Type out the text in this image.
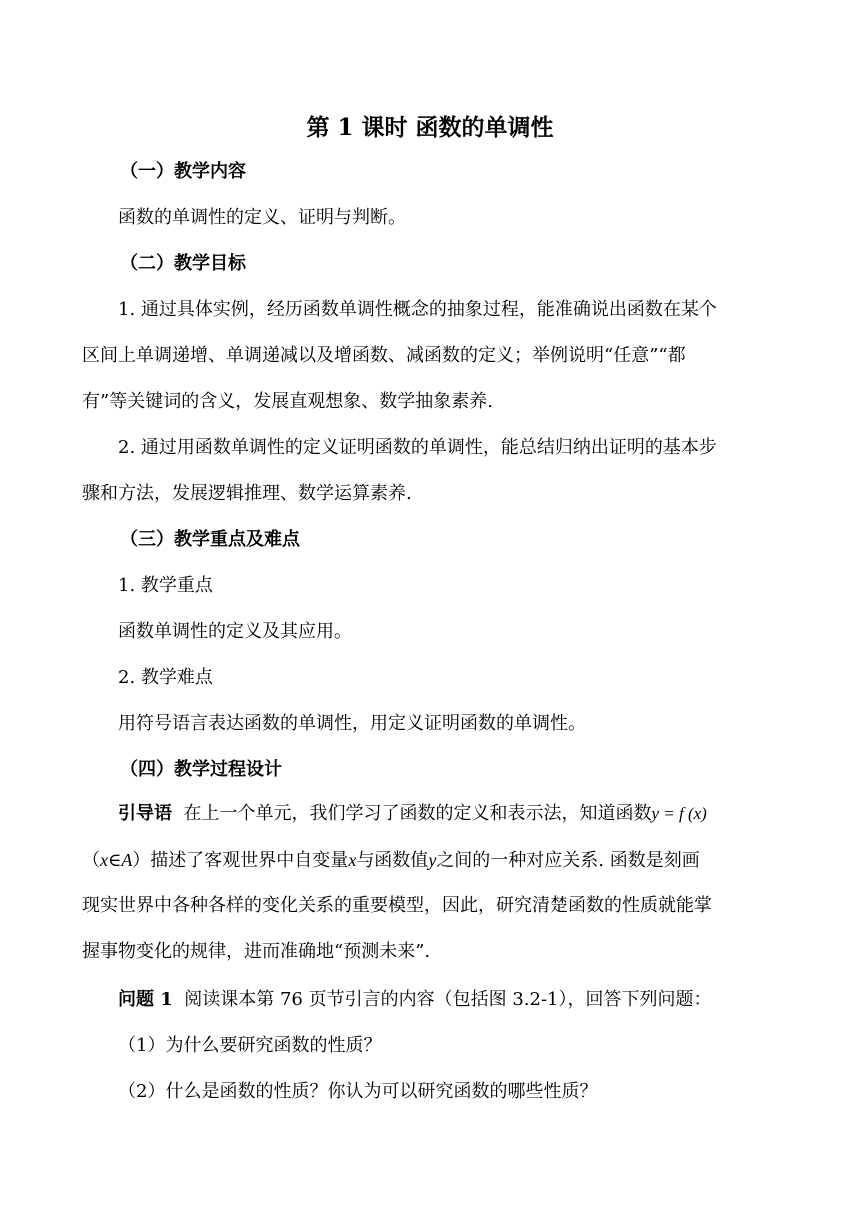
第 1 课时 函数的单调性
（一）教学内容
函数的单调性的定义、证明与判断。
（二）教学目标
1. 通过具体实例，经历函数单调性概念的抽象过程，能准确说出函数在某个
区间上单调递增、单调递减以及增函数、减函数的定义；举例说明“任意”“都
有”等关键词的含义，发展直观想象、数学抽象素养.
2. 通过用函数单调性的定义证明函数的单调性，能总结归纳出证明的基本步
骤和方法，发展逻辑推理、数学运算素养.
（三）教学重点及难点
1. 教学重点
函数单调性的定义及其应用。
2. 教学难点
用符号语言表达函数的单调性，用定义证明函数的单调性。
（四）教学过程设计
引导语 在上一个单元，我们学习了函数的定义和表示法，知道函数y = f (x)
（x∈A）描述了客观世界中自变量x与函数值y之间的一种对应关系. 函数是刻画
现实世界中各种各样的变化关系的重要模型，因此，研究清楚函数的性质就能掌
握事物变化的规律，进而准确地“预测未来”.
问题 1 阅读课本第 76 页节引言的内容（包括图 3.2-1），回答下列问题：
（1）为什么要研究函数的性质？
（2）什么是函数的性质？你认为可以研究函数的哪些性质？
